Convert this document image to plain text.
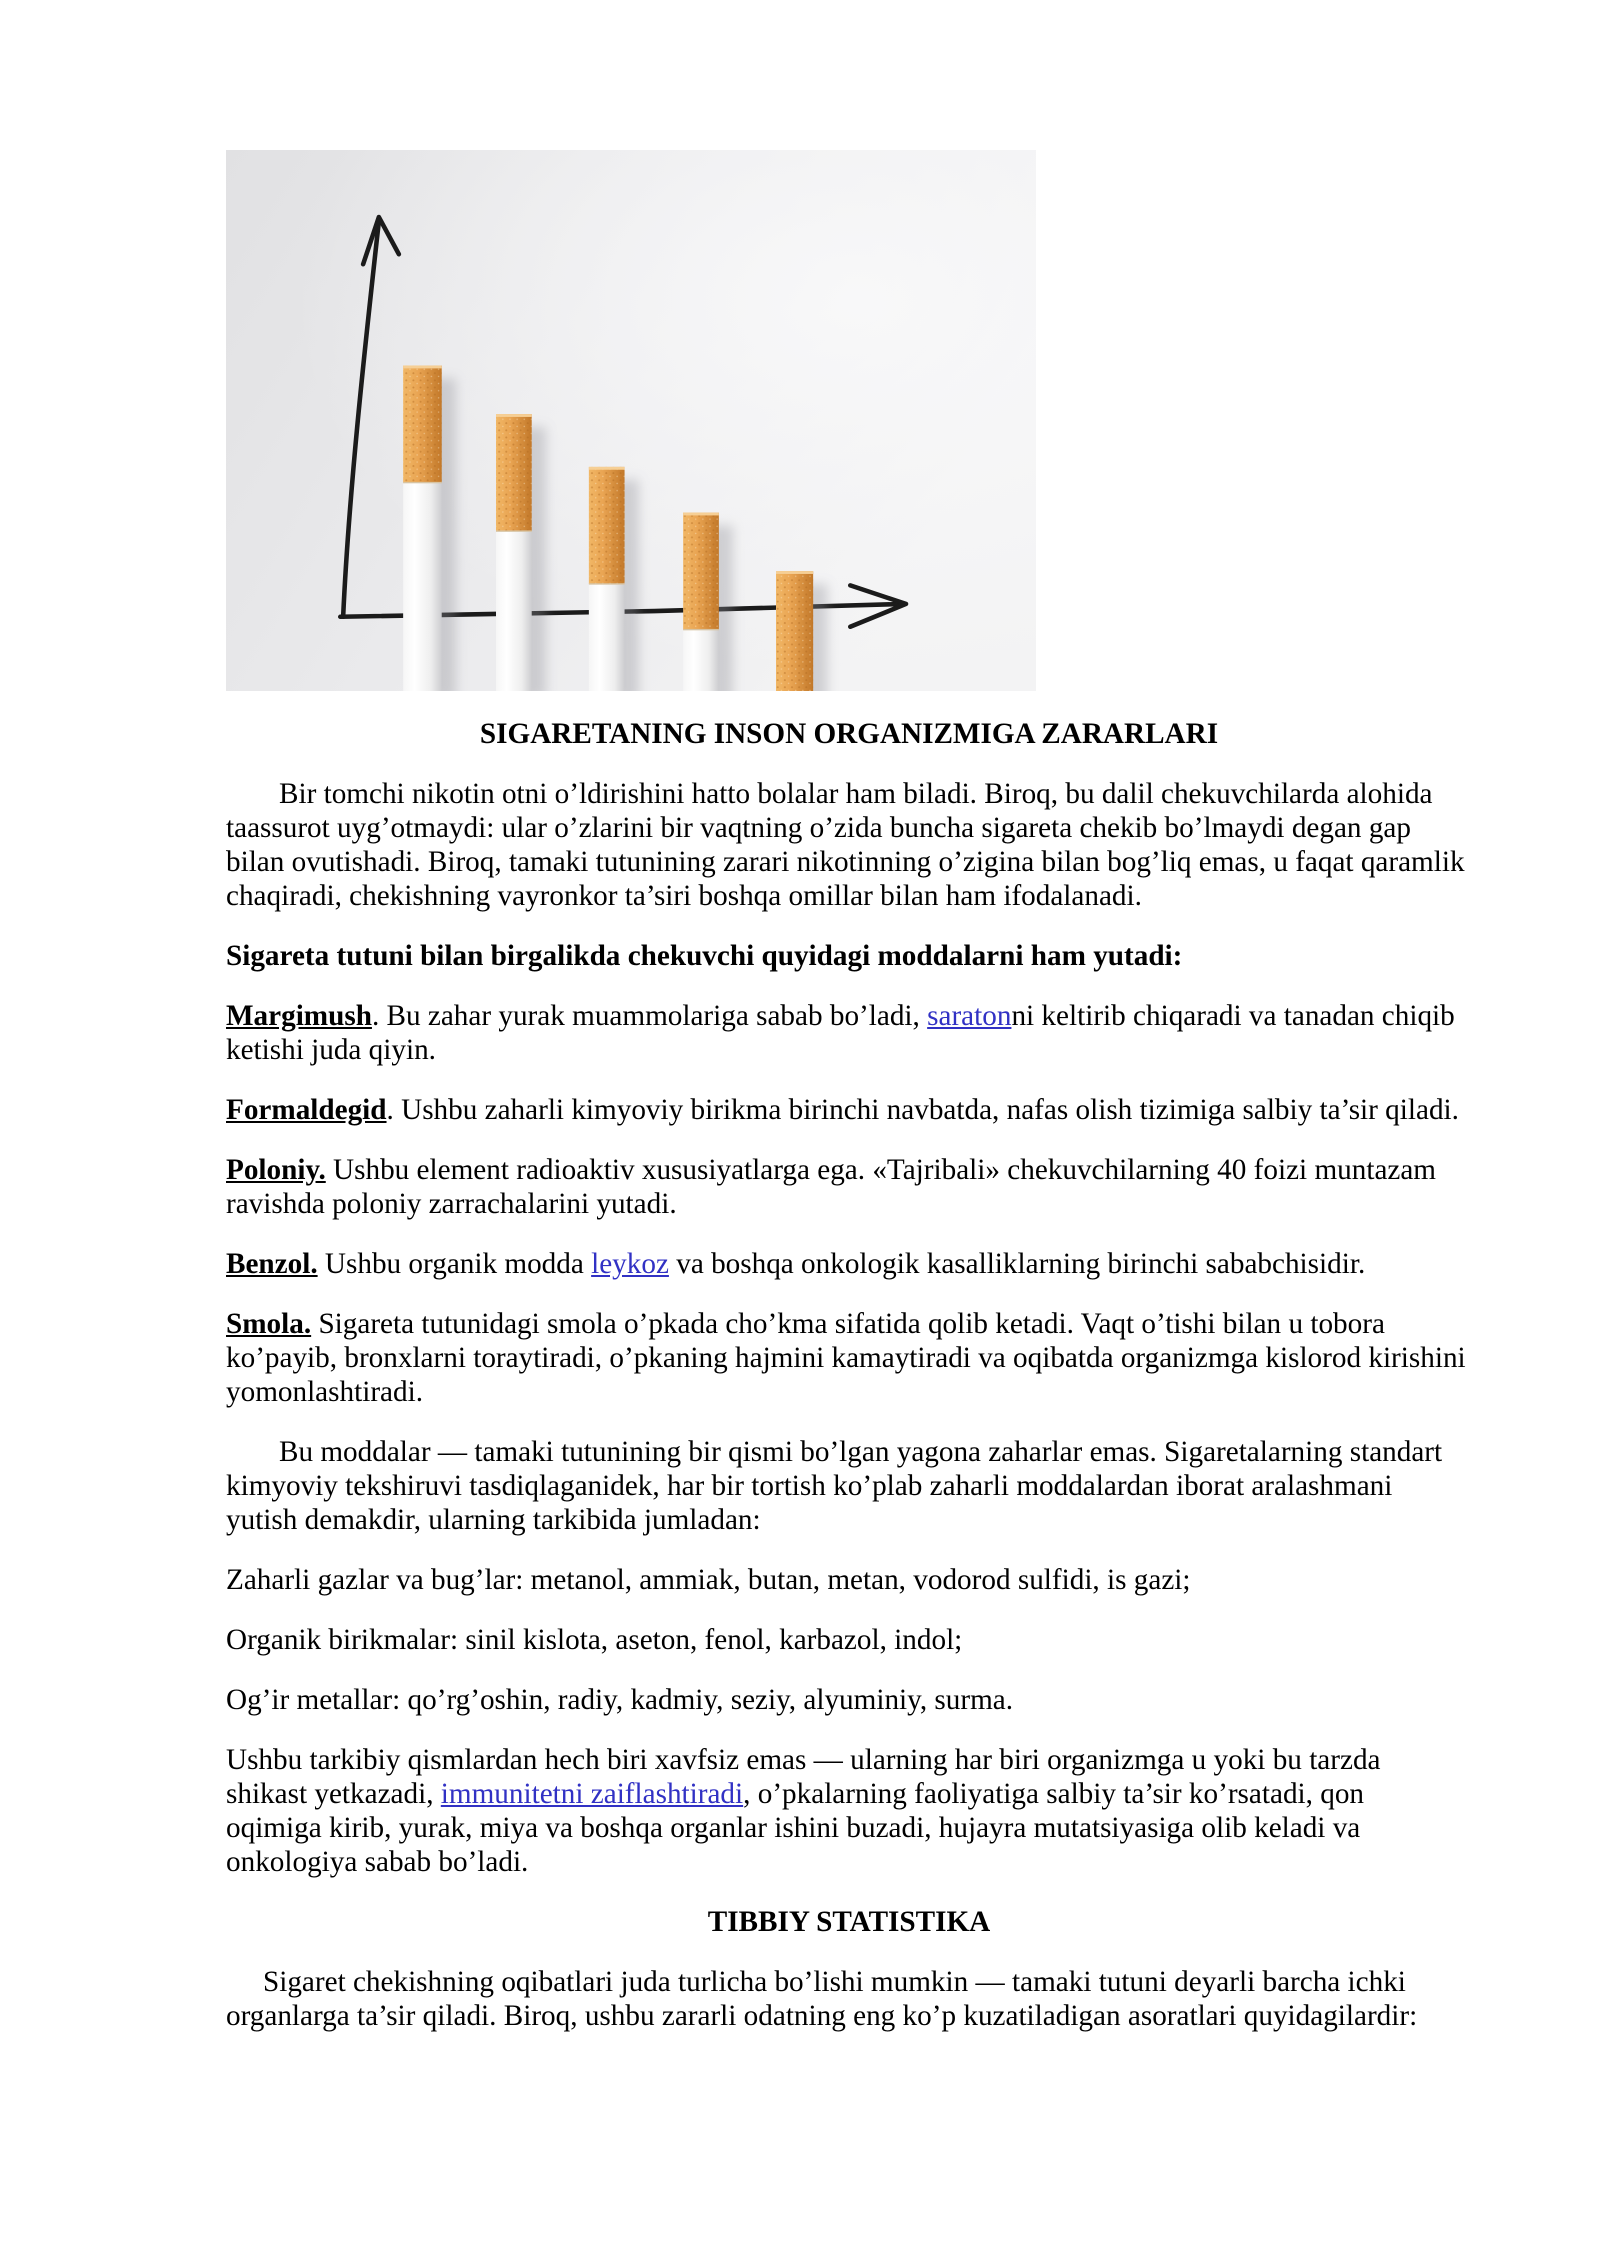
SIGARETANING INSON ORGANIZMIGA ZARARLARI
Bir tomchi nikotin otni o’ldirishini hatto bolalar ham biladi. Biroq, bu dalil chekuvchilarda alohida
taassurot uyg’otmaydi: ular o’zlarini bir vaqtning o’zida buncha sigareta chekib bo’lmaydi degan gap
bilan ovutishadi. Biroq, tamaki tutunining zarari nikotinning o’zigina bilan bog’liq emas, u faqat qaramlik
chaqiradi, chekishning vayronkor ta’siri boshqa omillar bilan ham ifodalanadi.
Sigareta tutuni bilan birgalikda chekuvchi quyidagi moddalarni ham yutadi:
Margimush. Bu zahar yurak muammolariga sabab bo’ladi, saratonni keltirib chiqaradi va tanadan chiqib
ketishi juda qiyin.
Formaldegid. Ushbu zaharli kimyoviy birikma birinchi navbatda, nafas olish tizimiga salbiy ta’sir qiladi.
Poloniy. Ushbu element radioaktiv xususiyatlarga ega. «Tajribali» chekuvchilarning 40 foizi muntazam
ravishda poloniy zarrachalarini yutadi.
Benzol. Ushbu organik modda leykoz va boshqa onkologik kasalliklarning birinchi sababchisidir.
Smola. Sigareta tutunidagi smola o’pkada cho’kma sifatida qolib ketadi. Vaqt o’tishi bilan u tobora
ko’payib, bronxlarni toraytiradi, o’pkaning hajmini kamaytiradi va oqibatda organizmga kislorod kirishini
yomonlashtiradi.
Bu moddalar — tamaki tutunining bir qismi bo’lgan yagona zaharlar emas. Sigaretalarning standart
kimyoviy tekshiruvi tasdiqlaganidek, har bir tortish ko’plab zaharli moddalardan iborat aralashmani
yutish demakdir, ularning tarkibida jumladan:
Zaharli gazlar va bug’lar: metanol, ammiak, butan, metan, vodorod sulfidi, is gazi;
Organik birikmalar: sinil kislota, aseton, fenol, karbazol, indol;
Og’ir metallar: qo’rg’oshin, radiy, kadmiy, seziy, alyuminiy, surma.
Ushbu tarkibiy qismlardan hech biri xavfsiz emas — ularning har biri organizmga u yoki bu tarzda
shikast yetkazadi, immunitetni zaiflashtiradi, o’pkalarning faoliyatiga salbiy ta’sir ko’rsatadi, qon
oqimiga kirib, yurak, miya va boshqa organlar ishini buzadi, hujayra mutatsiyasiga olib keladi va
onkologiya sabab bo’ladi.
TIBBIY STATISTIKA
Sigaret chekishning oqibatlari juda turlicha bo’lishi mumkin — tamaki tutuni deyarli barcha ichki
organlarga ta’sir qiladi. Biroq, ushbu zararli odatning eng ko’p kuzatiladigan asoratlari quyidagilardir:
